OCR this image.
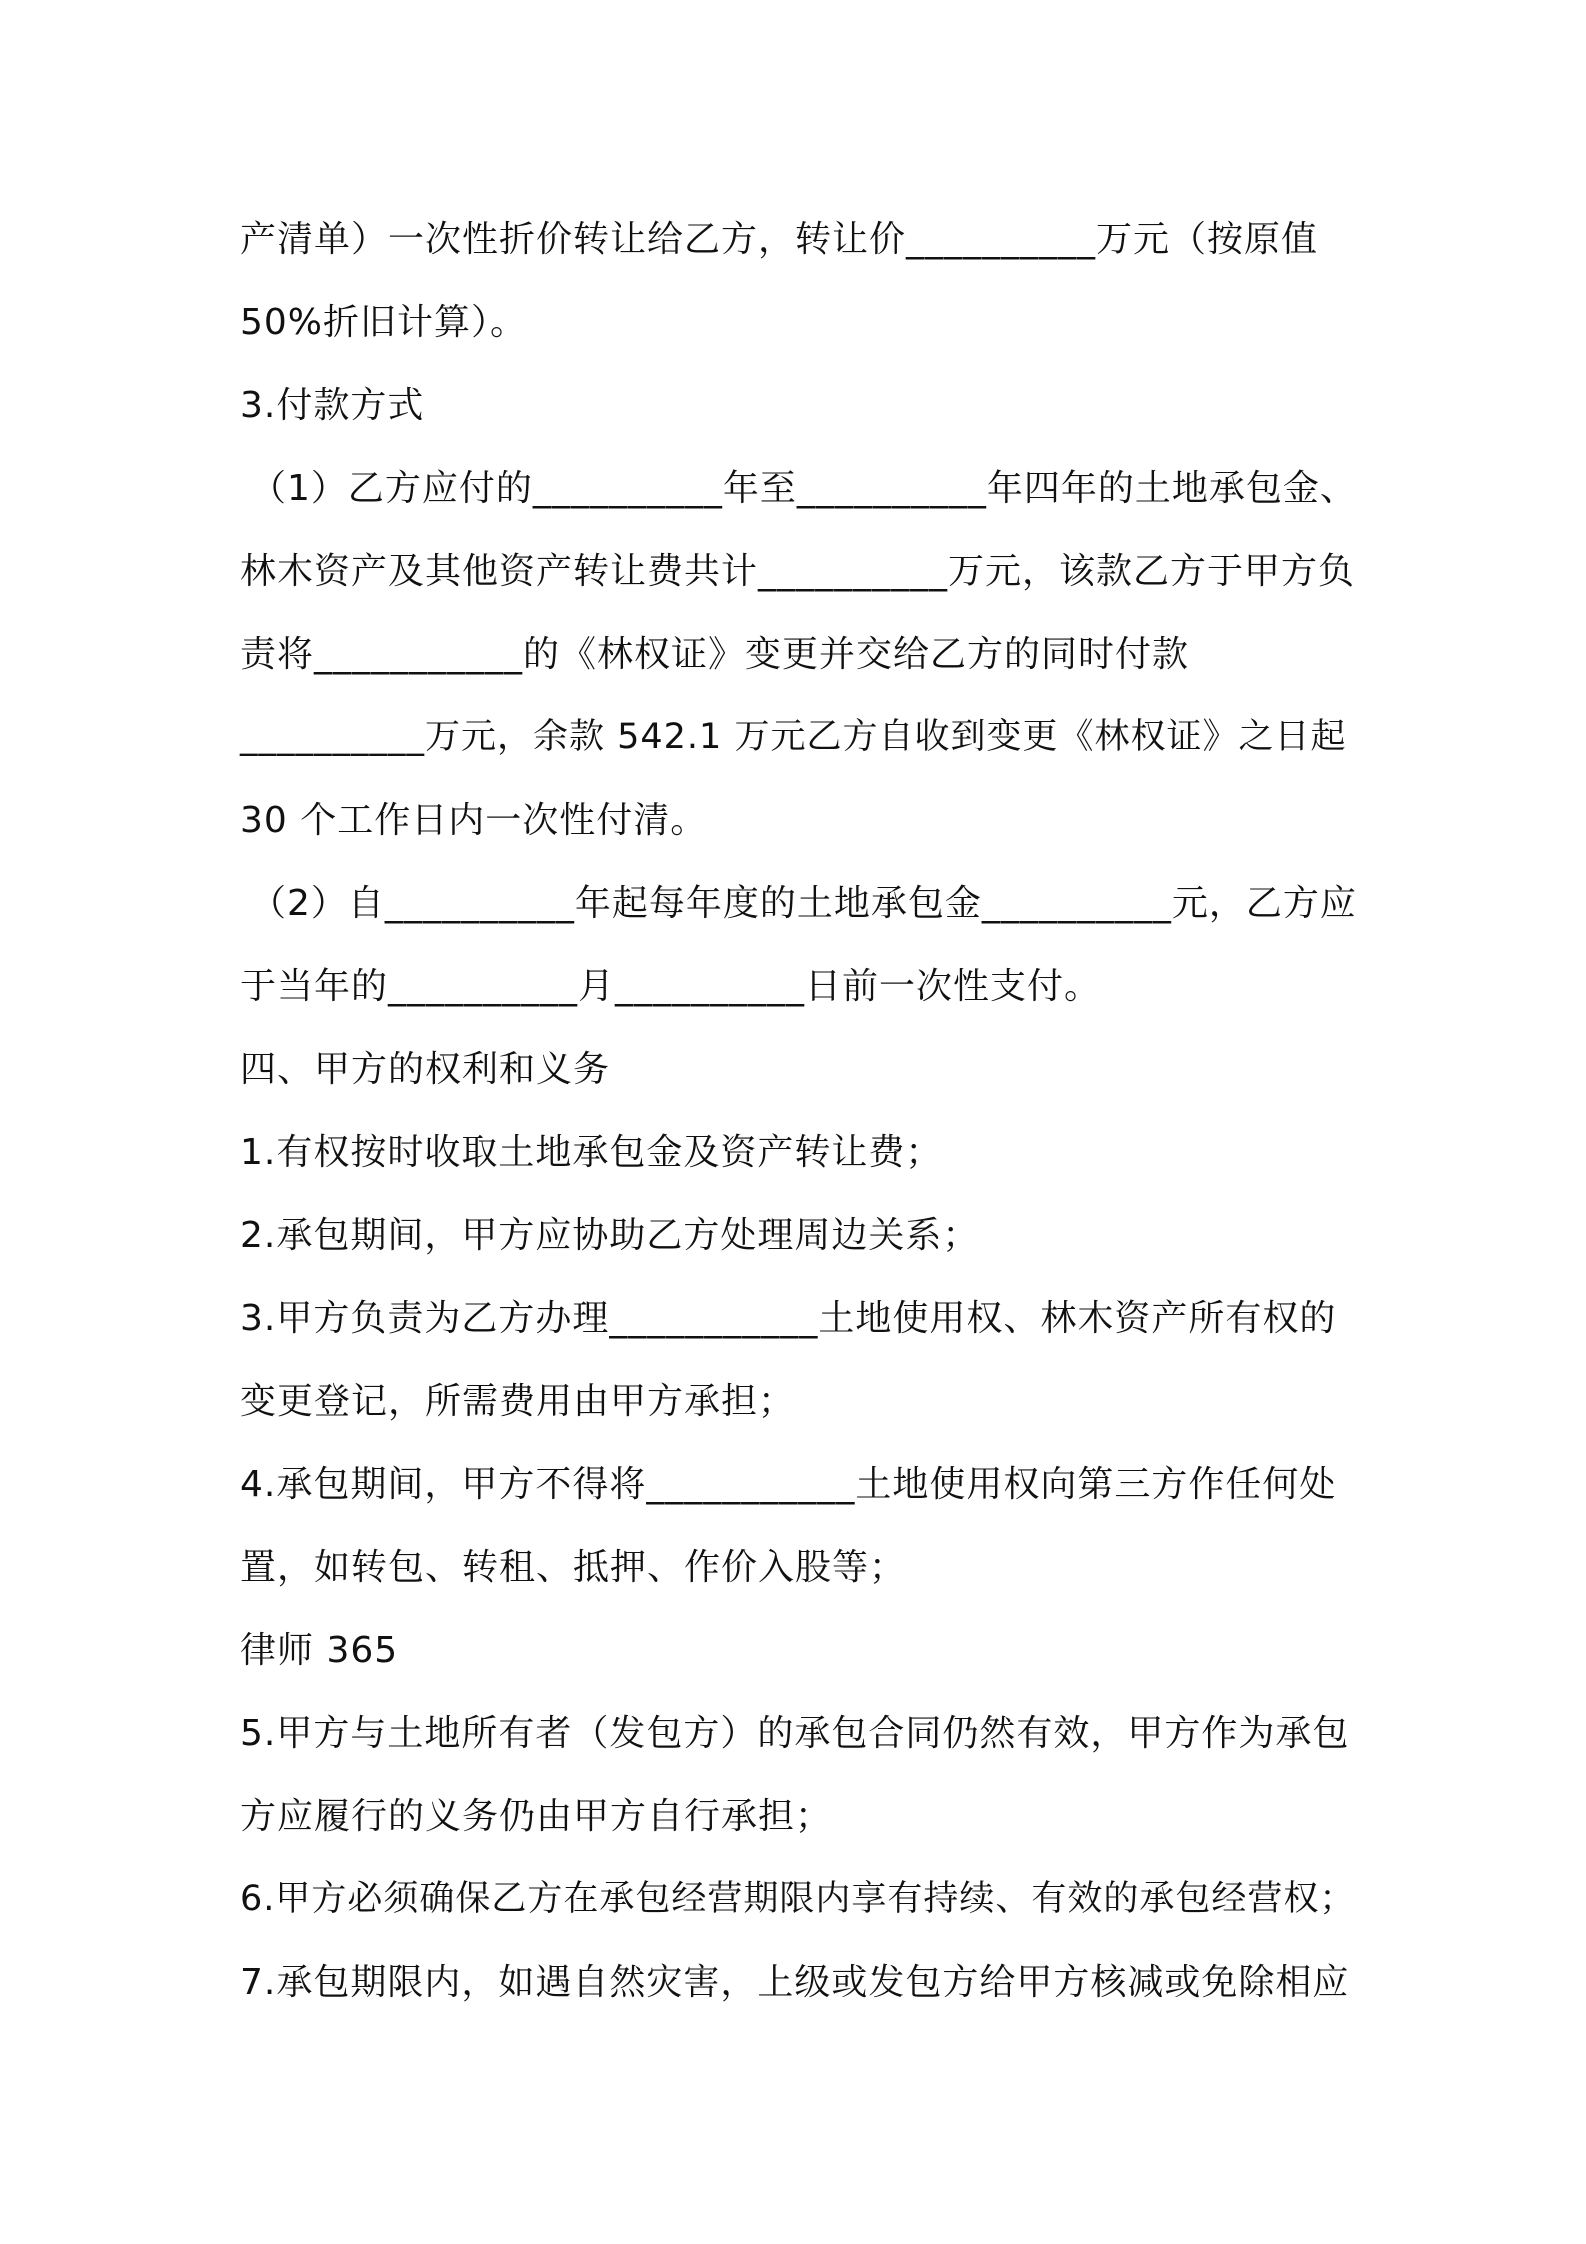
产清单）一次性折价转让给乙方，转让价__________万元（按原值

50%折旧计算）。

3.付款方式

（1）乙方应付的__________年至__________年四年的土地承包金、

林木资产及其他资产转让费共计__________万元，该款乙方于甲方负

责将___________的《林权证》变更并交给乙方的同时付款

__________万元，余款 542.1 万元乙方自收到变更《林权证》之日起

30 个工作日内一次性付清。

（2）自__________年起每年度的土地承包金__________元，乙方应

于当年的__________月__________日前一次性支付。

四、甲方的权利和义务

1.有权按时收取土地承包金及资产转让费；

2.承包期间，甲方应协助乙方处理周边关系；

3.甲方负责为乙方办理___________土地使用权、林木资产所有权的

变更登记，所需费用由甲方承担；

4.承包期间，甲方不得将___________土地使用权向第三方作任何处

置，如转包、转租、抵押、作价入股等；

律师 365

5.甲方与土地所有者（发包方）的承包合同仍然有效，甲方作为承包

方应履行的义务仍由甲方自行承担；

6.甲方必须确保乙方在承包经营期限内享有持续、有效的承包经营权；

7.承包期限内，如遇自然灾害，上级或发包方给甲方核减或免除相应
